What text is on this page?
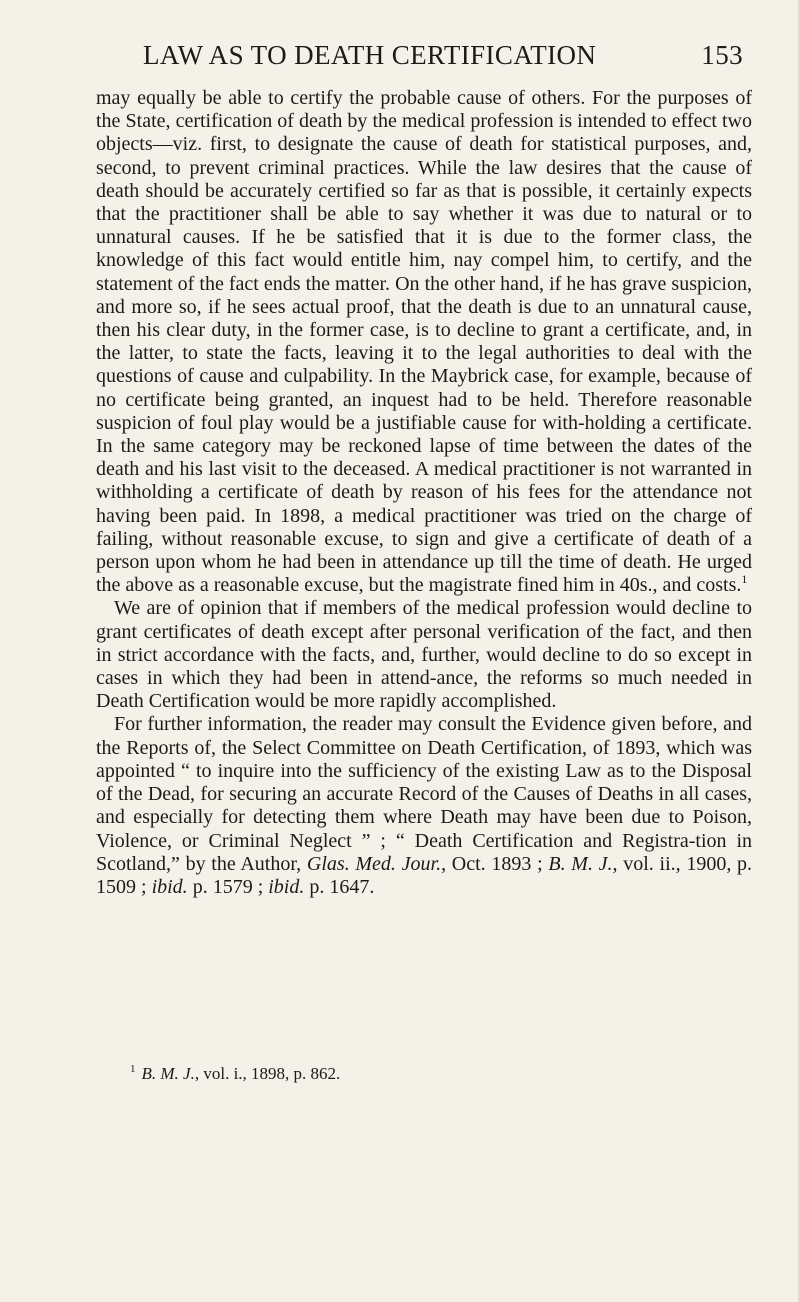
LAW AS TO DEATH CERTIFICATION	153

may equally be able to certify the probable cause of others. For the purposes of the State, certification of death by the medical profession is intended to effect two objects—viz. first, to designate the cause of death for statistical purposes, and, second, to prevent criminal practices. While the law desires that the cause of death should be accurately certified so far as that is possible, it certainly expects that the practitioner shall be able to say whether it was due to natural or to unnatural causes. If he be satisfied that it is due to the former class, the knowledge of this fact would entitle him, nay compel him, to certify, and the statement of the fact ends the matter. On the other hand, if he has grave suspicion, and more so, if he sees actual proof, that the death is due to an unnatural cause, then his clear duty, in the former case, is to decline to grant a certificate, and, in the latter, to state the facts, leaving it to the legal authorities to deal with the questions of cause and culpability. In the Maybrick case, for example, because of no certificate being granted, an inquest had to be held. Therefore reasonable suspicion of foul play would be a justifiable cause for with-holding a certificate. In the same category may be reckoned lapse of time between the dates of the death and his last visit to the deceased. A medical practitioner is not warranted in withholding a certificate of death by reason of his fees for the attendance not having been paid. In 1898, a medical practitioner was tried on the charge of failing, without reasonable excuse, to sign and give a certificate of death of a person upon whom he had been in attendance up till the time of death. He urged the above as a reasonable excuse, but the magistrate fined him in 40s., and costs.$^1$

We are of opinion that if members of the medical profession would decline to grant certificates of death except after personal verification of the fact, and then in strict accordance with the facts, and, further, would decline to do so except in cases in which they had been in attend-ance, the reforms so much needed in Death Certification would be more rapidly accomplished.

For further information, the reader may consult the Evidence given before, and the Reports of, the Select Committee on Death Certification, of 1893, which was appointed “ to inquire into the sufficiency of the existing Law as to the Disposal of the Dead, for securing an accurate Record of the Causes of Deaths in all cases, and especially for detecting them where Death may have been due to Poison, Violence, or Criminal Neglect ” ; “ Death Certification and Registra-tion in Scotland,” by the Author, Glas. Med. Jour., Oct. 1893 ; B. M. J., vol. ii., 1900, p. 1509 ; ibid. p. 1579 ; ibid. p. 1647.

$^1$ B. M. J., vol. i., 1898, p. 862.
